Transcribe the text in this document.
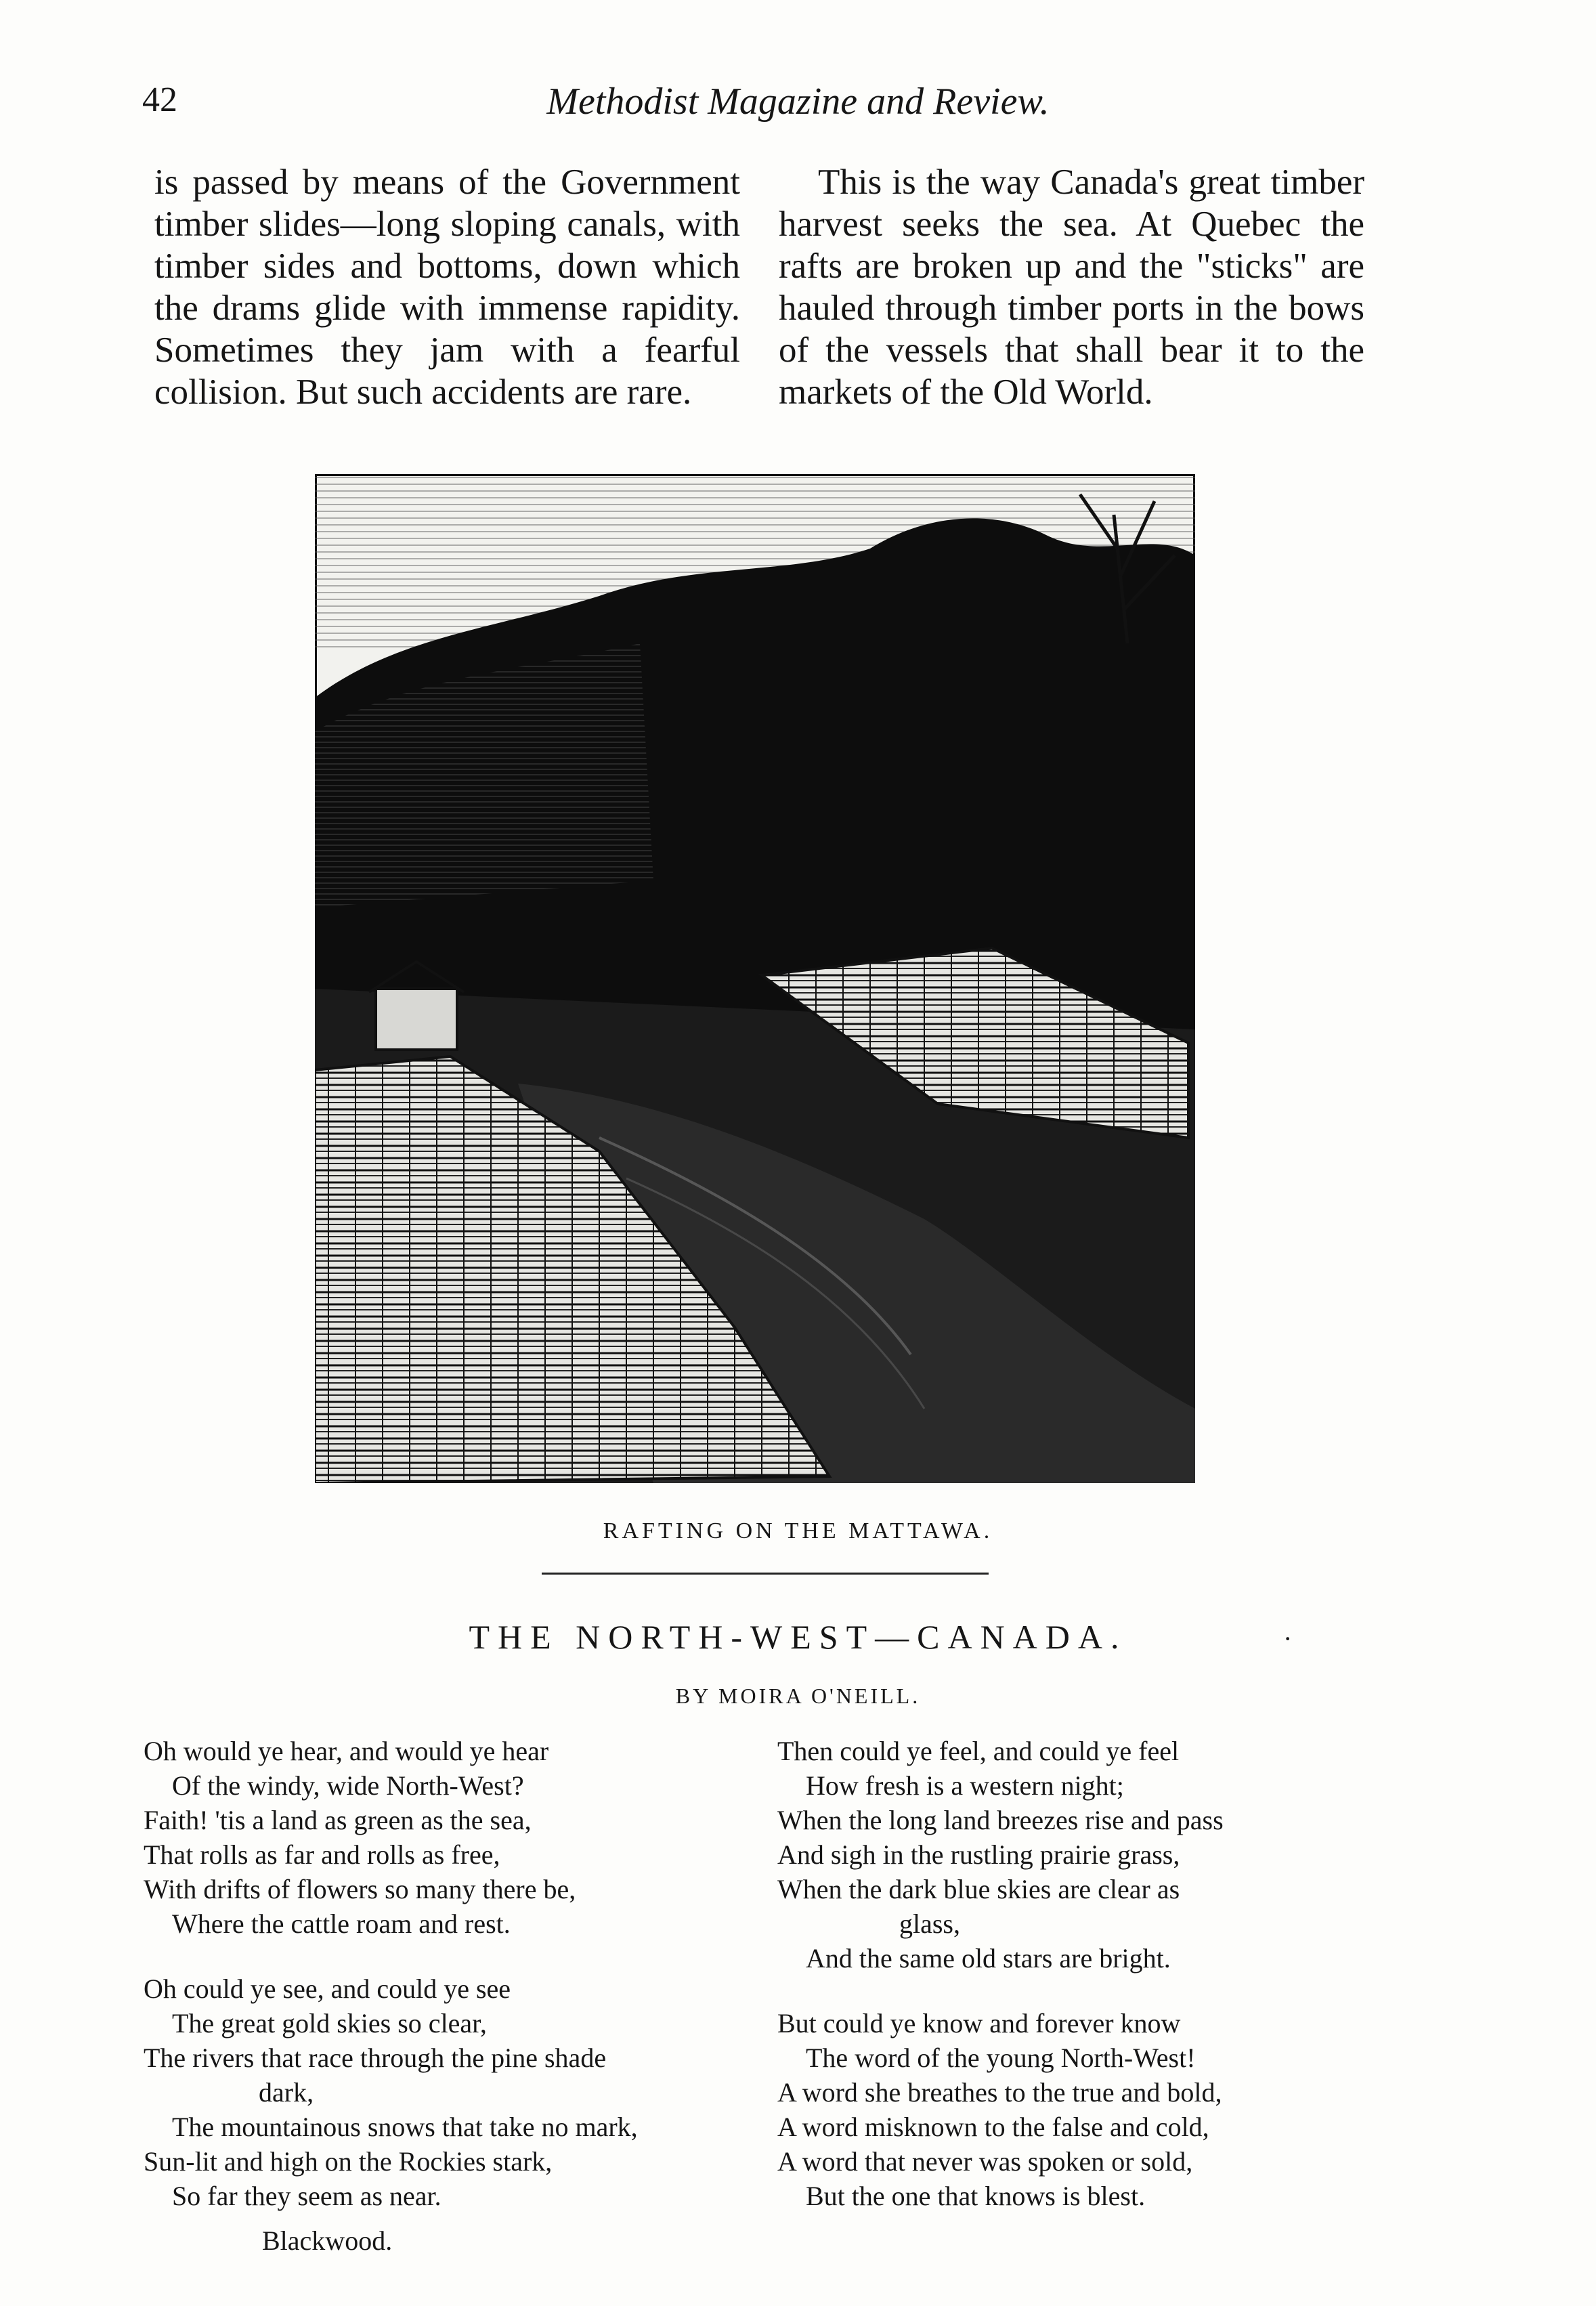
42	Methodist Magazine and Review.

is passed by means of the Government timber slides—long sloping canals, with timber sides and bottoms, down which the drams glide with immense rapidity. Sometimes they jam with a fearful collision. But such accidents are rare.

This is the way Canada's great timber harvest seeks the sea. At Quebec the rafts are broken up and the "sticks" are hauled through timber ports in the bows of the vessels that shall bear it to the markets of the Old World.

RAFTING ON THE MATTAWA.
THE NORTH-WEST—CANADA.	·
BY MOIRA O'NEILL.
Oh would ye hear, and would ye hear
Of the windy, wide North-West?
Faith! 'tis a land as green as the sea,
That rolls as far and rolls as free,
With drifts of flowers so many there be,
Where the cattle roam and rest.
Oh could ye see, and could ye see
The great gold skies so clear,
The rivers that race through the pine shade
dark,
The mountainous snows that take no mark,
Sun-lit and high on the Rockies stark,
So far they seem as near.
Blackwood.
Then could ye feel, and could ye feel
How fresh is a western night;
When the long land breezes rise and pass
And sigh in the rustling prairie grass,
When the dark blue skies are clear as
glass,
And the same old stars are bright.
But could ye know and forever know
The word of the young North-West!
A word she breathes to the true and bold,
A word misknown to the false and cold,
A word that never was spoken or sold,
But the one that knows is blest.
